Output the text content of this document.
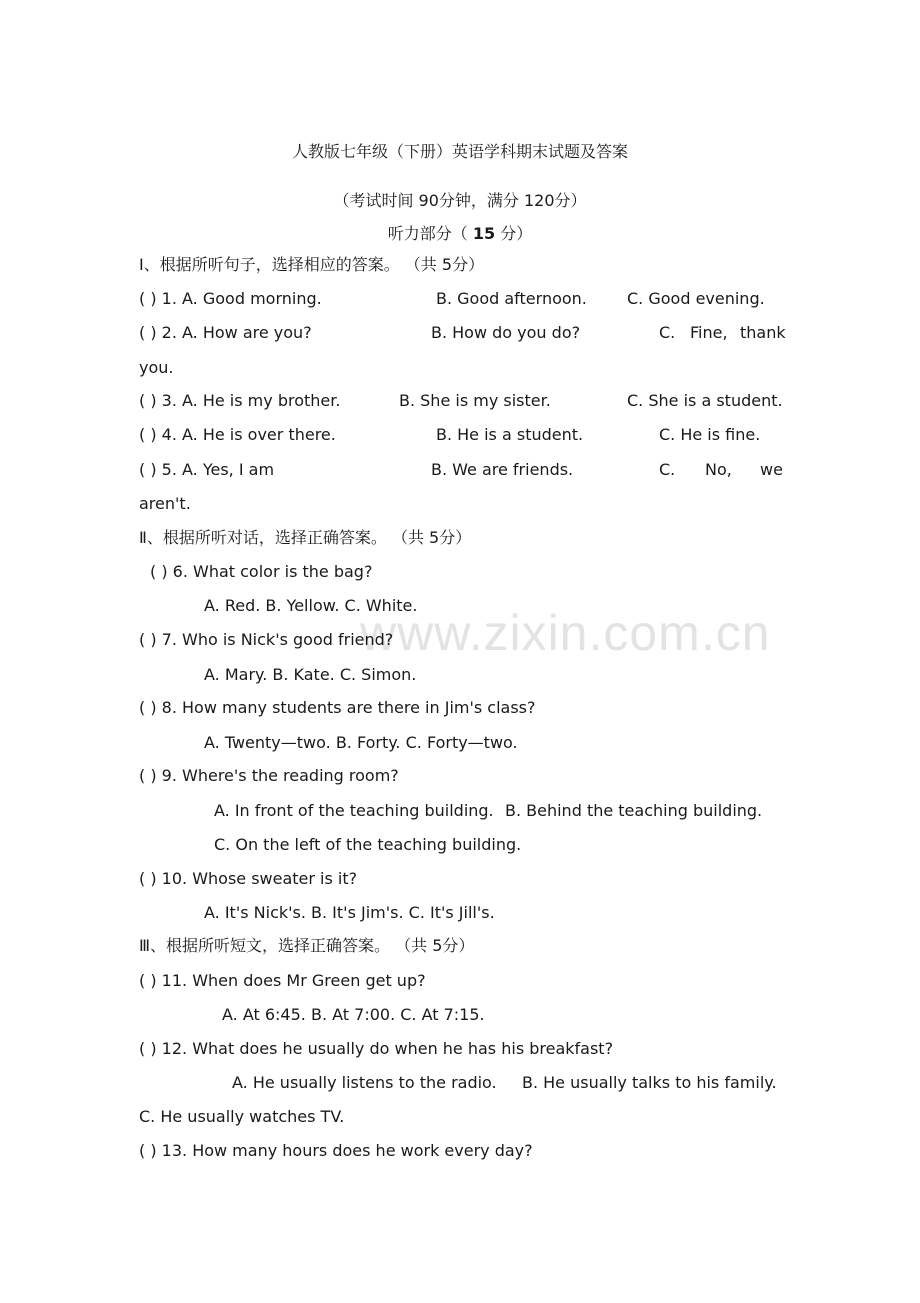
www.zixin.com.cn
人教版七年级（下册）英语学科期末试题及答案
（考试时间 90分钟，满分 120分）
听力部分（ 15 分）
Ⅰ、根据所听句子，选择相应的答案。 （共 5分）
( ) 1. A. Good morning.	B. Good afternoon.	C. Good evening.
( ) 2. A. How are you?	B. How do you do?	C. Fine, thank
you.
( ) 3. A. He is my brother.	B. She is my sister.	C. She is a student.
( ) 4. A. He is over there.	B. He is a student.	C. He is fine.
( ) 5. A. Yes, I am	B. We are friends.	C. No, we
aren't.
Ⅱ、根据所听对话，选择正确答案。 （共 5分）
( ) 6. What color is the bag?
A. Red. B. Yellow. C. White.
( ) 7. Who is Nick's good friend?
A. Mary. B. Kate. C. Simon.
( ) 8. How many students are there in Jim's class?
A. Twenty—two. B. Forty. C. Forty—two.
( ) 9. Where's the reading room?
A. In front of the teaching building. B. Behind the teaching building.
C. On the left of the teaching building.
( ) 10. Whose sweater is it?
A. It's Nick's. B. It's Jim's. C. It's Jill's.
Ⅲ、根据所听短文，选择正确答案。 （共 5分）
( ) 11. When does Mr Green get up?
A. At 6:45. B. At 7:00. C. At 7:15.
( ) 12. What does he usually do when he has his breakfast?
A. He usually listens to the radio. B. He usually talks to his family.
C. He usually watches TV.
( ) 13. How many hours does he work every day?
